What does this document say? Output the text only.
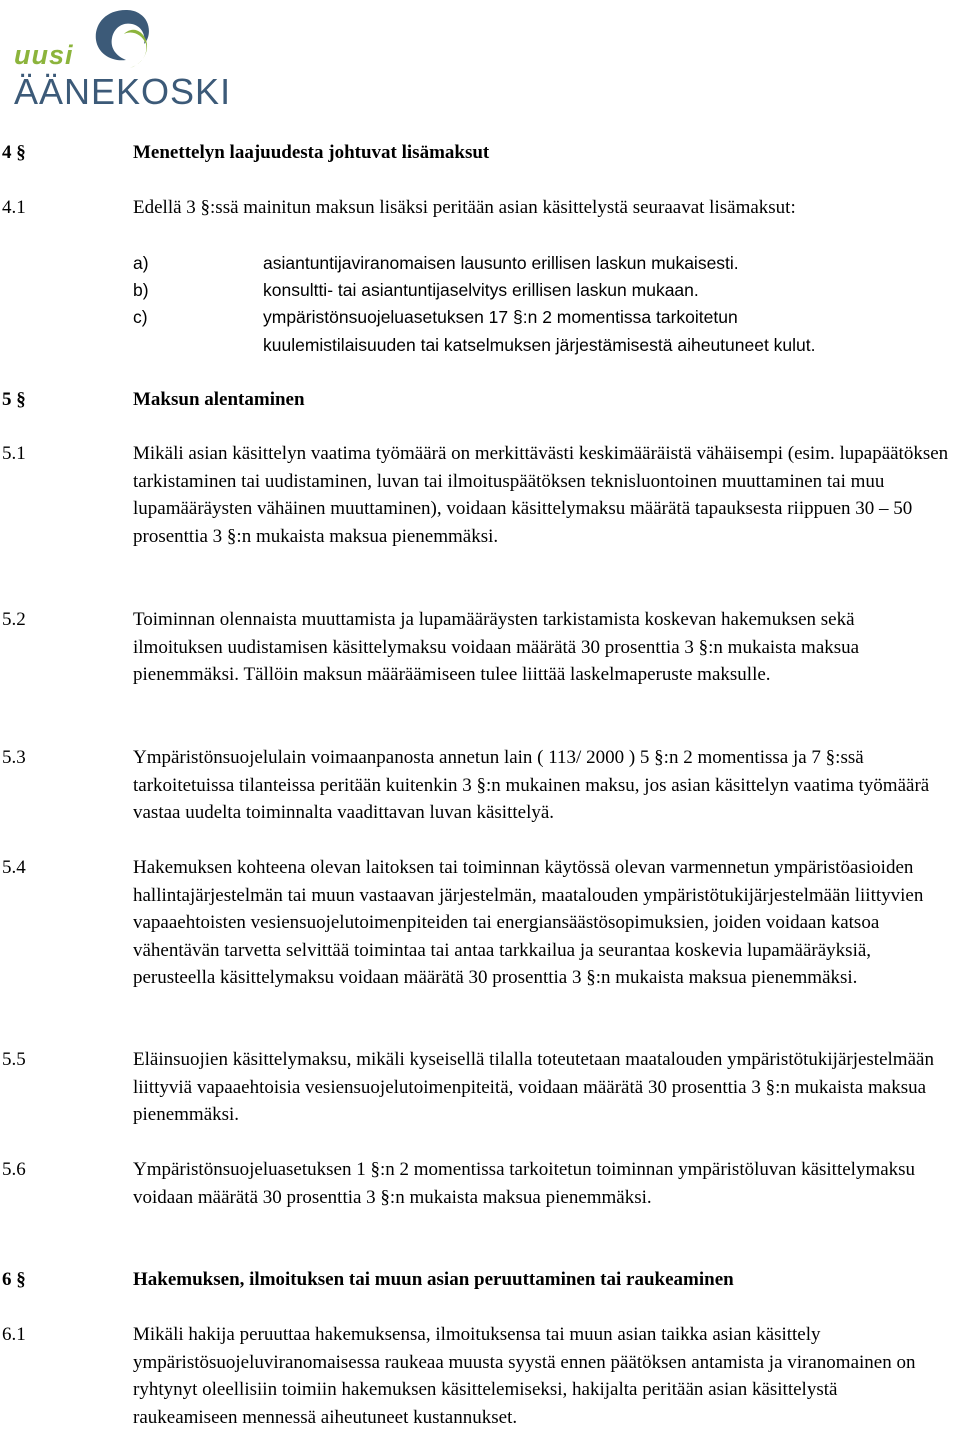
uusi
ÄÄNEKOSKI
4 §	Menettelyn laajuudesta johtuvat lisämaksut
4.1	Edellä 3 §:ssä mainitun maksun lisäksi peritään asian käsittelystä seuraavat lisämaksut:
a)	asiantuntijaviranomaisen lausunto erillisen laskun mukaisesti.
b)	konsultti- tai asiantuntijaselvitys erillisen laskun mukaan.
c)	ympäristönsuojeluasetuksen 17 §:n 2 momentissa tarkoitetun kuulemistilaisuuden tai katselmuksen järjestämisestä aiheutuneet kulut.
5 §	Maksun alentaminen
5.1	Mikäli asian käsittelyn vaatima työmäärä on merkittävästi keskimääräistä vähäisempi (esim. lupapäätöksen tarkistaminen tai uudistaminen, luvan tai ilmoituspäätöksen teknisluontoinen muuttaminen tai muu lupamääräysten vähäinen muuttaminen), voidaan käsittelymaksu määrätä tapauksesta riippuen 30 – 50 prosenttia 3 §:n mukaista maksua pienemmäksi.
5.2	Toiminnan olennaista muuttamista ja lupamääräysten tarkistamista koskevan hakemuksen sekä ilmoituksen uudistamisen käsittelymaksu voidaan määrätä 30 prosenttia 3 §:n mukaista maksua pienemmäksi. Tällöin maksun määräämiseen tulee liittää laskelmaperuste maksulle.
5.3	Ympäristönsuojelulain voimaanpanosta annetun lain ( 113/ 2000 ) 5 §:n 2 momentissa ja 7 §:ssä tarkoitetuissa tilanteissa peritään kuitenkin 3 §:n mukainen maksu, jos asian käsittelyn vaatima työmäärä vastaa uudelta toiminnalta vaadittavan luvan käsittelyä.
5.4	Hakemuksen kohteena olevan laitoksen tai toiminnan käytössä olevan varmennetun ympäristöasioiden hallintajärjestelmän tai muun vastaavan järjestelmän, maatalouden ympäristötukijärjestelmään liittyvien vapaaehtoisten vesiensuojelutoimenpiteiden tai energiansäästösopimuksien, joiden voidaan katsoa vähentävän tarvetta selvittää toimintaa tai antaa tarkkailua ja seurantaa koskevia lupamääräyksiä, perusteella käsittelymaksu voidaan määrätä 30 prosenttia 3 §:n mukaista maksua pienemmäksi.
5.5	Eläinsuojien käsittelymaksu, mikäli kyseisellä tilalla toteutetaan maatalouden ympäristötukijärjestelmään liittyviä vapaaehtoisia vesiensuojelutoimenpiteitä, voidaan määrätä 30 prosenttia 3 §:n mukaista maksua pienemmäksi.
5.6	Ympäristönsuojeluasetuksen 1 §:n 2 momentissa tarkoitetun toiminnan ympäristöluvan käsittelymaksu voidaan määrätä 30 prosenttia 3 §:n mukaista maksua pienemmäksi.
6 §	Hakemuksen, ilmoituksen tai muun asian peruuttaminen tai raukeaminen
6.1	Mikäli hakija peruuttaa hakemuksensa, ilmoituksensa tai muun asian taikka asian käsittely ympäristösuojeluviranomaisessa raukeaa muusta syystä ennen päätöksen antamista ja viranomainen on ryhtynyt oleellisiin toimiin hakemuksen käsittelemiseksi, hakijalta peritään asian käsittelystä raukeamiseen mennessä aiheutuneet kustannukset.
